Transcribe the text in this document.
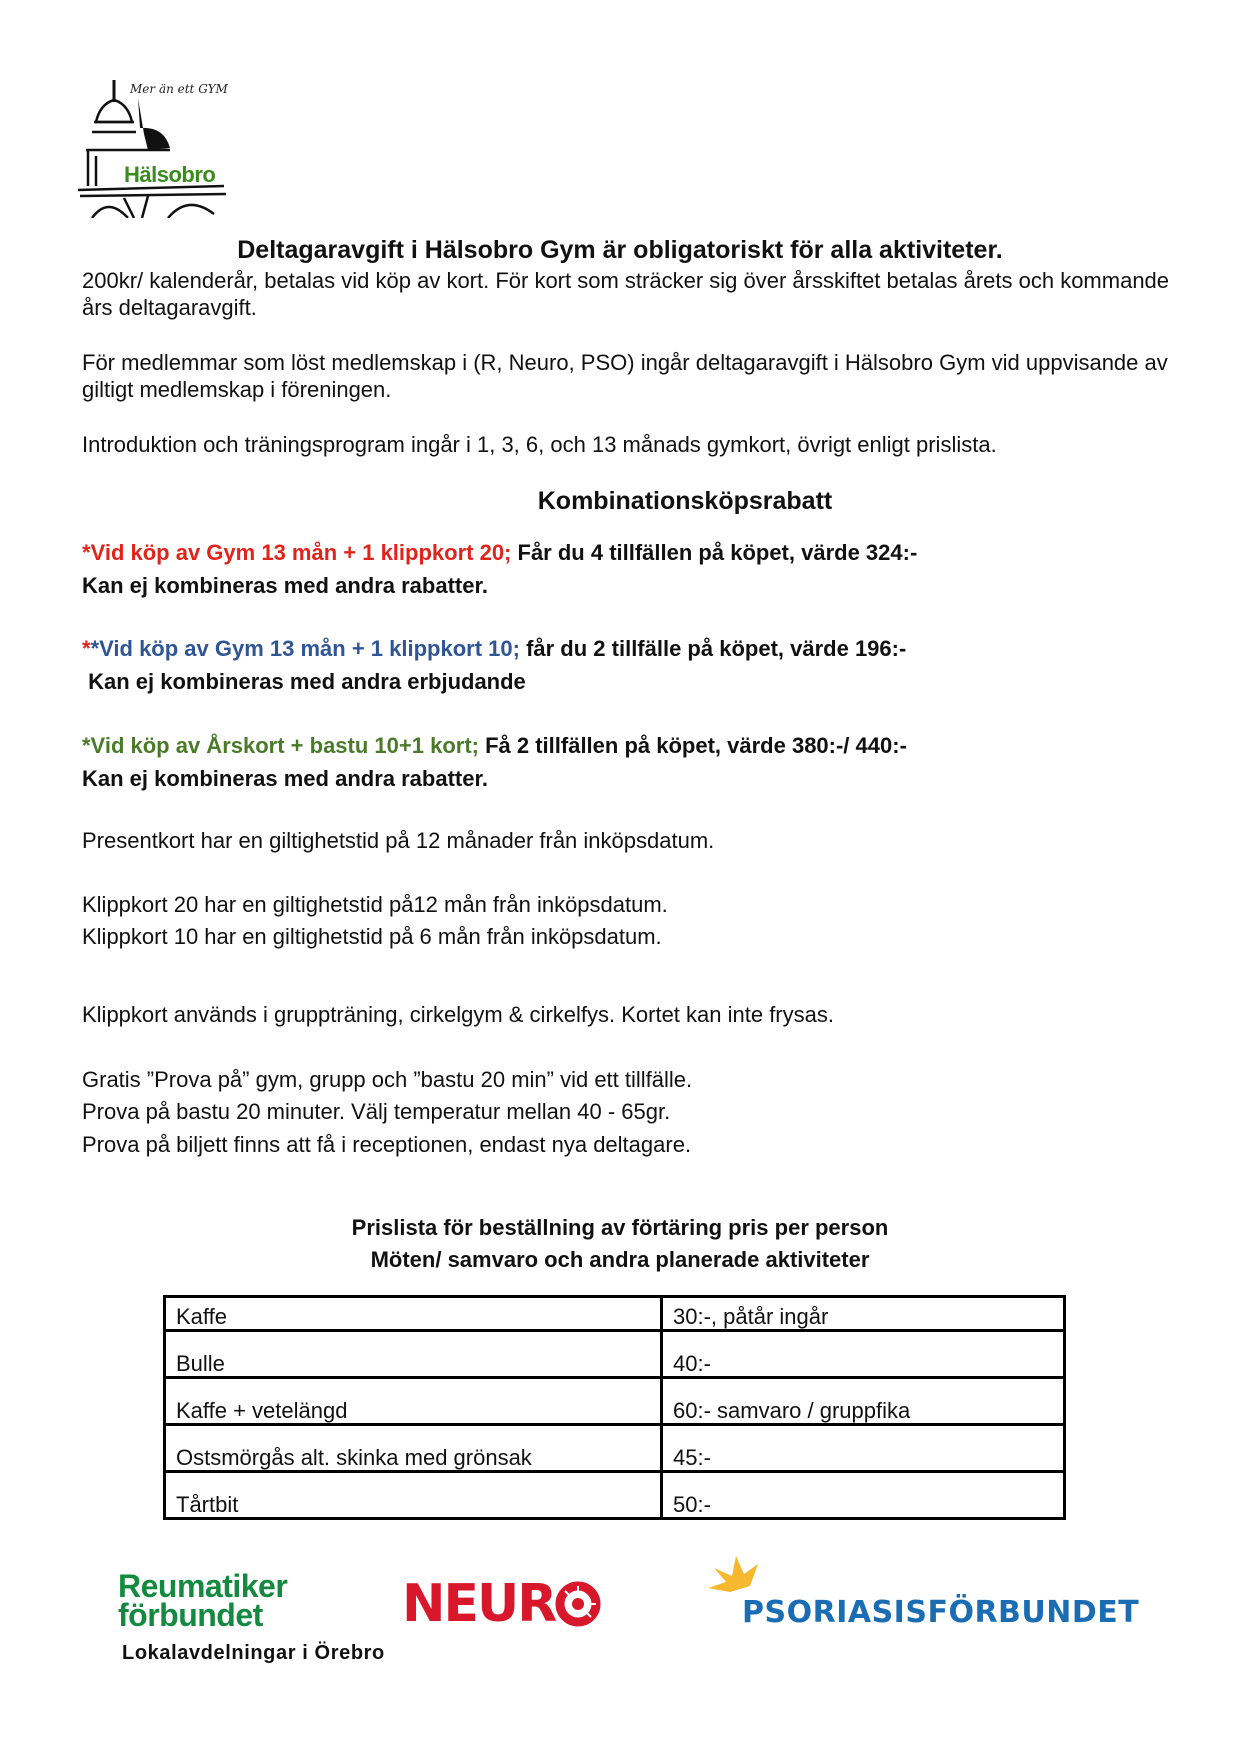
Mer än ett GYM
Hälsobro
Deltagaravgift i Hälsobro Gym är obligatoriskt för alla aktiviteter.
200kr/ kalenderår, betalas vid köp av kort. För kort som sträcker sig över årsskiftet betalas årets och kommande års deltagaravgift.
För medlemmar som löst medlemskap i (R, Neuro, PSO) ingår deltagaravgift i Hälsobro Gym vid uppvisande av giltigt medlemskap i föreningen.
Introduktion och träningsprogram ingår i 1, 3, 6, och 13 månads gymkort, övrigt enligt prislista.
Kombinationsköpsrabatt
*Vid köp av Gym 13 mån + 1 klippkort 20; Får du 4 tillfällen på köpet, värde 324:-
Kan ej kombineras med andra rabatter.
**Vid köp av Gym 13 mån + 1 klippkort 10; får du 2 tillfälle på köpet, värde 196:-
Kan ej kombineras med andra erbjudande
*Vid köp av Årskort + bastu 10+1 kort; Få 2 tillfällen på köpet, värde 380:-/ 440:-
Kan ej kombineras med andra rabatter.
Presentkort har en giltighetstid på 12 månader från inköpsdatum.
Klippkort 20 har en giltighetstid på12 mån från inköpsdatum.
Klippkort 10 har en giltighetstid på 6 mån från inköpsdatum.
Klippkort används i gruppträning, cirkelgym & cirkelfys. Kortet kan inte frysas.
Gratis ”Prova på” gym, grupp och ”bastu 20 min” vid ett tillfälle.
Prova på bastu 20 minuter. Välj temperatur mellan 40 - 65gr.
Prova på biljett finns att få i receptionen, endast nya deltagare.
Prislista för beställning av förtäring pris per person
Möten/ samvaro och andra planerade aktiviteter
Kaffe	30:-, påtår ingår
Bulle	40:-
Kaffe + vetelängd	60:- samvaro / gruppfika
Ostsmörgås alt. skinka med grönsak	45:-
Tårtbit	50:-
Reumatiker
förbundet
Lokalavdelningar i Örebro
NEUR	PSORIASISFÖRBUNDET
